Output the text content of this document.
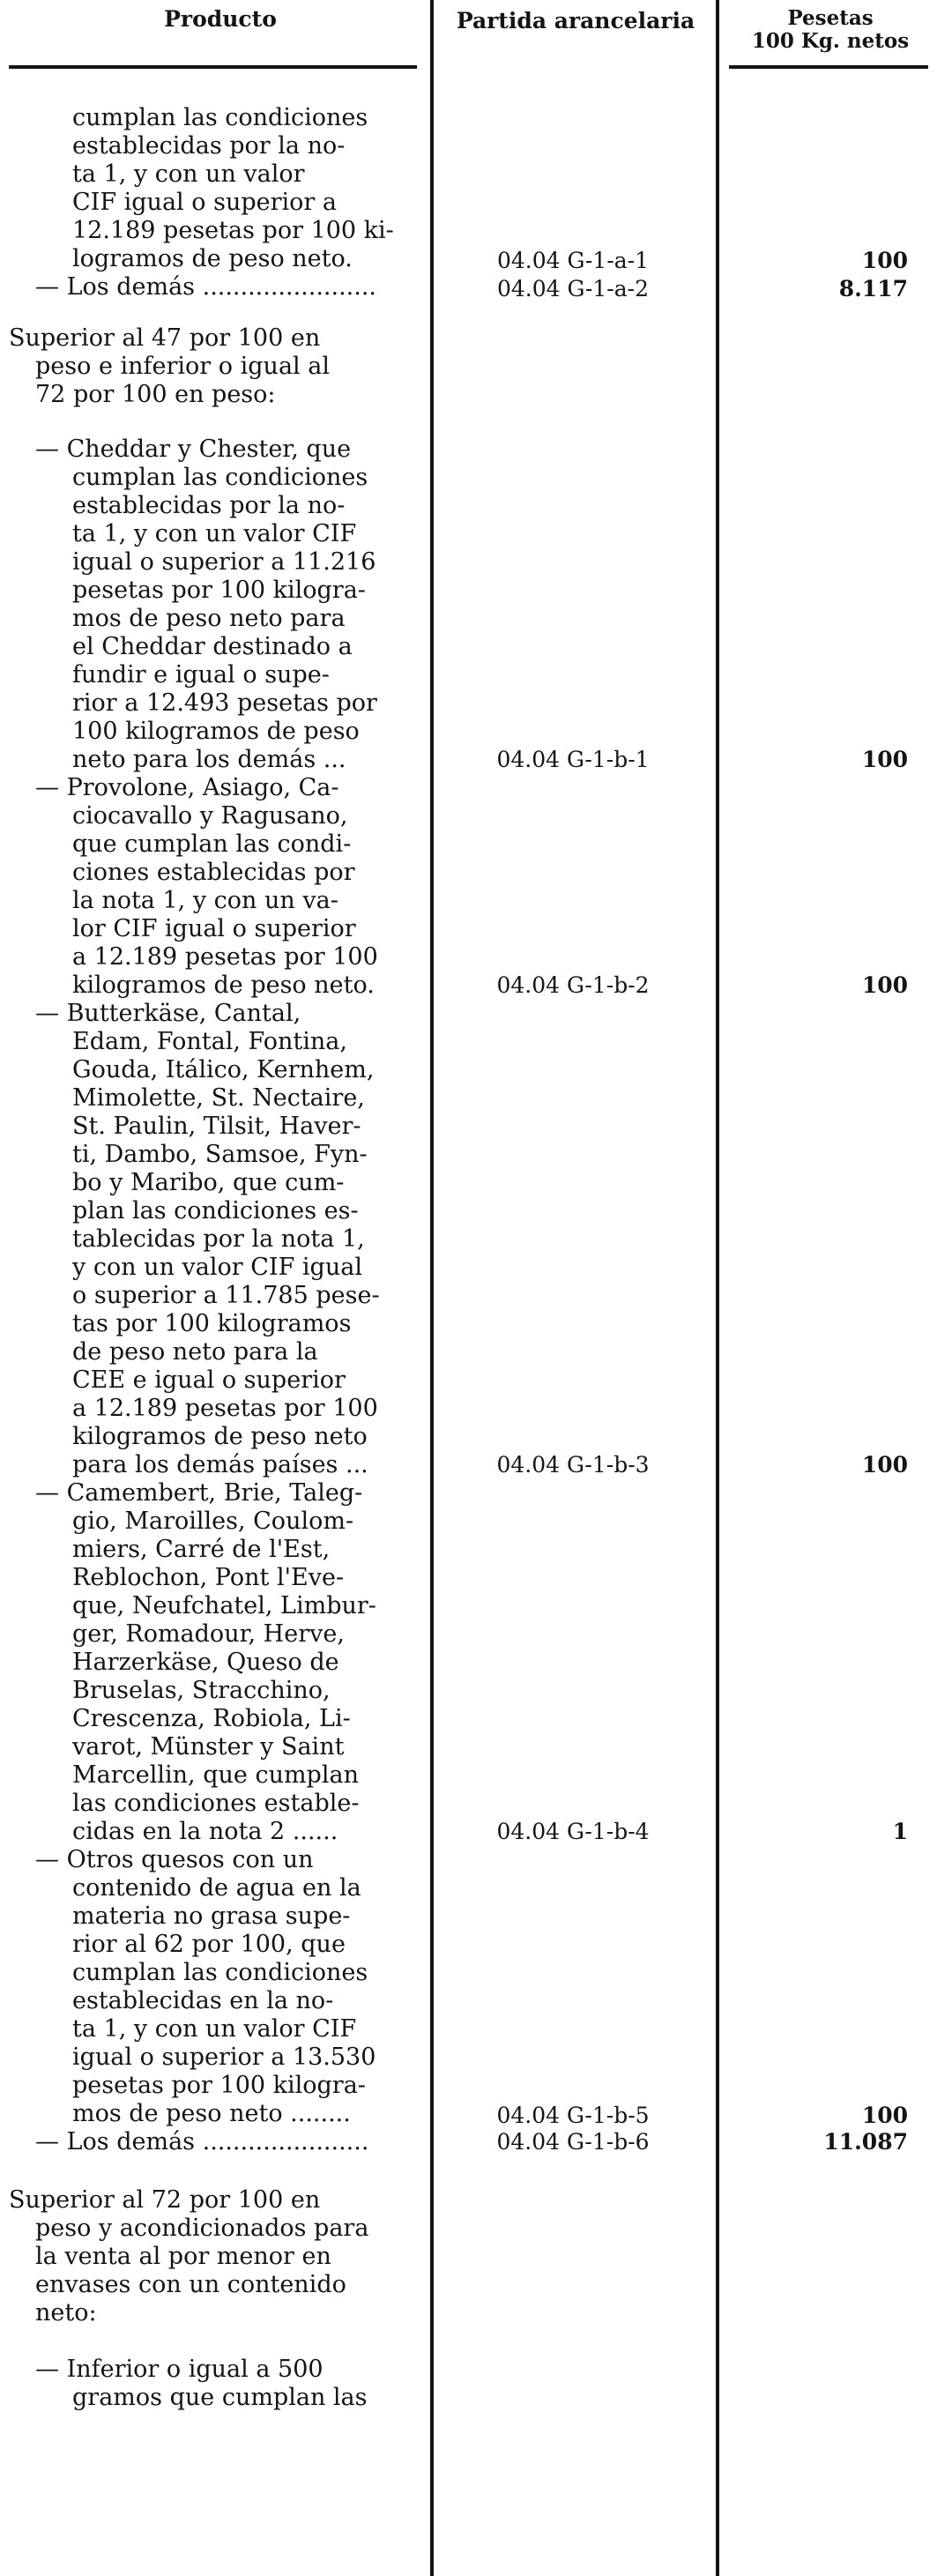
Producto	Partida arancelaria	Pesetas
100 Kg. netos
cumplan las condiciones
establecidas por la no-
ta 1, y con un valor
CIF igual o superior a
12.189 pesetas por 100 ki-
logramos de peso neto.
— Los demás .......................
04.04 G-1-a-1	100
04.04 G-1-a-2	8.117
Superior al 47 por 100 en
peso e inferior o igual al
72 por 100 en peso:
— Cheddar y Chester, que
cumplan las condiciones
establecidas por la no-
ta 1, y con un valor CIF
igual o superior a 11.216
pesetas por 100 kilogra-
mos de peso neto para
el Cheddar destinado a
fundir e igual o supe-
rior a 12.493 pesetas por
100 kilogramos de peso
neto para los demás ...	04.04 G-1-b-1	100
— Provolone, Asiago, Ca-
ciocavallo y Ragusano,
que cumplan las condi-
ciones establecidas por
la nota 1, y con un va-
lor CIF igual o superior
a 12.189 pesetas por 100
kilogramos de peso neto.	04.04 G-1-b-2	100
— Butterkäse, Cantal,
Edam, Fontal, Fontina,
Gouda, Itálico, Kernhem,
Mimolette, St. Nectaire,
St. Paulin, Tilsit, Haver-
ti, Dambo, Samsoe, Fyn-
bo y Maribo, que cum-
plan las condiciones es-
tablecidas por la nota 1,
y con un valor CIF igual
o superior a 11.785 pese-
tas por 100 kilogramos
de peso neto para la
CEE e igual o superior
a 12.189 pesetas por 100
kilogramos de peso neto
para los demás países ...	04.04 G-1-b-3	100
— Camembert, Brie, Taleg-
gio, Maroilles, Coulom-
miers, Carré de l'Est,
Reblochon, Pont l'Eve-
que, Neufchatel, Limbur-
ger, Romadour, Herve,
Harzerkäse, Queso de
Bruselas, Stracchino,
Crescenza, Robiola, Li-
varot, Münster y Saint
Marcellin, que cumplan
las condiciones estable-
cidas en la nota 2 ......	04.04 G-1-b-4	1
— Otros quesos con un
contenido de agua en la
materia no grasa supe-
rior al 62 por 100, que
cumplan las condiciones
establecidas en la no-
ta 1, y con un valor CIF
igual o superior a 13.530
pesetas por 100 kilogra-
mos de peso neto ........
— Los demás ......................
04.04 G-1-b-5	100
04.04 G-1-b-6	11.087
Superior al 72 por 100 en
peso y acondicionados para
la venta al por menor en
envases con un contenido
neto:
— Inferior o igual a 500
gramos que cumplan las
